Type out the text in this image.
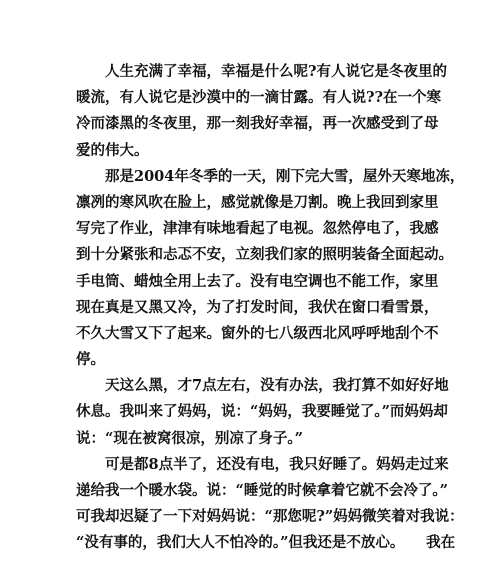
人生充满了幸福，幸福是什么呢?有人说它是冬夜里的
暖流，有人说它是沙漠中的一滴甘露。有人说??在一个寒
冷而漆黑的冬夜里，那一刻我好幸福，再一次感受到了母
爱的伟大。
那是2004年冬季的一天，刚下完大雪，屋外天寒地冻，
凛冽的寒风吹在脸上，感觉就像是刀割。晚上我回到家里
写完了作业，津津有味地看起了电视。忽然停电了，我感
到十分紧张和忐忑不安，立刻我们家的照明装备全面起动。
手电筒、蜡烛全用上去了。没有电空调也不能工作，家里
现在真是又黑又冷，为了打发时间，我伏在窗口看雪景，
不久大雪又下了起来。窗外的七八级西北风呼呼地刮个不
停。
天这么黑，才7点左右，没有办法，我打算不如好好地
休息。我叫来了妈妈，说：“妈妈，我要睡觉了。”而妈妈却
说：“现在被窝很凉，别凉了身子。”
可是都8点半了，还没有电，我只好睡了。妈妈走过来
递给我一个暖水袋。说：“睡觉的时候拿着它就不会冷了。”
可我却迟疑了一下对妈妈说：“那您呢?”妈妈微笑着对我说：
“没有事的，我们大人不怕冷的。”但我还是不放心。　　我在
